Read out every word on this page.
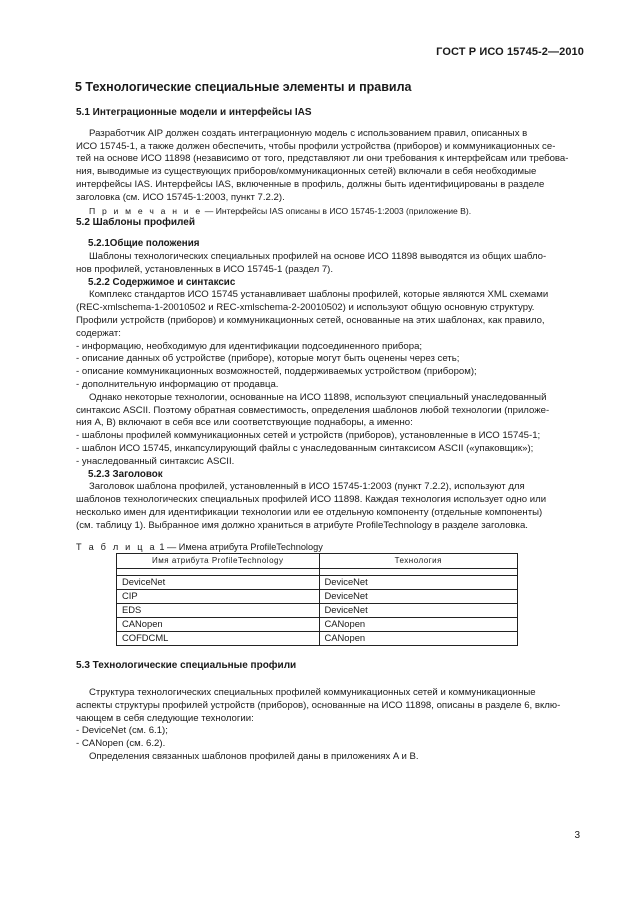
ГОСТ Р ИСО 15745-2—2010
5 Технологические специальные элементы и правила
5.1 Интеграционные модели и интерфейсы IAS

Разработчик AIP должен создать интеграционную модель с использованием правил, описанных в

ИСО 15745-1, а также должен обеспечить, чтобы профили устройства (приборов) и коммуникационных се-

тей на основе ИСО 11898 (независимо от того, представляют ли они требования к интерфейсам или требова-

ния, выводимые из существующих приборов/коммуникационных сетей) включали в себя необходимые

интерфейсы IAS. Интерфейсы IAS, включенные в профиль, должны быть идентифицированы в разделе

заголовка (см. ИСО 15745-1:2003, пункт 7.2.2).

П р и м е ч а н и е — Интерфейсы IAS описаны в ИСО 15745-1:2003 (приложение B).

5.2 Шаблоны профилей
5.2.1Общие положения

Шаблоны технологических специальных профилей на основе ИСО 11898 выводятся из общих шабло-

нов профилей, установленных в ИСО 15745-1 (раздел 7).

5.2.2 Содержимое и синтаксис

Комплекс стандартов ИСО 15745 устанавливает шаблоны профилей, которые являются XML схемами

(REC-xmlschema-1-20010502 и REC-xmlschema-2-20010502) и используют общую основную структуру.

Профили устройств (приборов) и коммуникационных сетей, основанные на этих шаблонах, как правило,

содержат:

- информацию, необходимую для идентификации подсоединенного прибора;

- описание данных об устройстве (приборе), которые могут быть оценены через сеть;

- описание коммуникационных возможностей, поддерживаемых устройством (прибором);

- дополнительную информацию от продавца.

Однако некоторые технологии, основанные на ИСО 11898, используют специальный унаследованный

синтаксис ASCII. Поэтому обратная совместимость, определения шаблонов любой технологии (приложе-

ния A, B) включают в себя все или соответствующие поднаборы, а именно:

- шаблоны профилей коммуникационных сетей и устройств (приборов), установленные в ИСО 15745-1;

- шаблон ИСО 15745, инкапсулирующий файлы с унаследованным синтаксисом ASCII («упаковщик»);

- унаследованный синтаксис ASCII.

5.2.3 Заголовок

Заголовок шаблона профилей, установленный в ИСО 15745-1:2003 (пункт 7.2.2), используют для

шаблонов технологических специальных профилей ИСО 11898. Каждая технология использует одно или

несколько имен для идентификации технологии или ее отдельную компоненту (отдельные компоненты)

(см. таблицу 1). Выбранное имя должно храниться в атрибуте ProfileTechnology в разделе заголовка.

Т а б л и ц а 1 — Имена атрибута ProfileTechnology

Имя атрибута ProfileTechnology	Технология

DeviceNet	DeviceNet
CIP	DeviceNet
EDS	DeviceNet
CANopen	CANopen
COFDCML	CANopen
5.3 Технологические специальные профили

Структура технологических специальных профилей коммуникационных сетей и коммуникационные

аспекты структуры профилей устройств (приборов), основанные на ИСО 11898, описаны в разделе 6, вклю-

чающем в себя следующие технологии:

- DeviceNet (см. 6.1);

- CANopen (см. 6.2).

Определения связанных шаблонов профилей даны в приложениях A и B.

3
